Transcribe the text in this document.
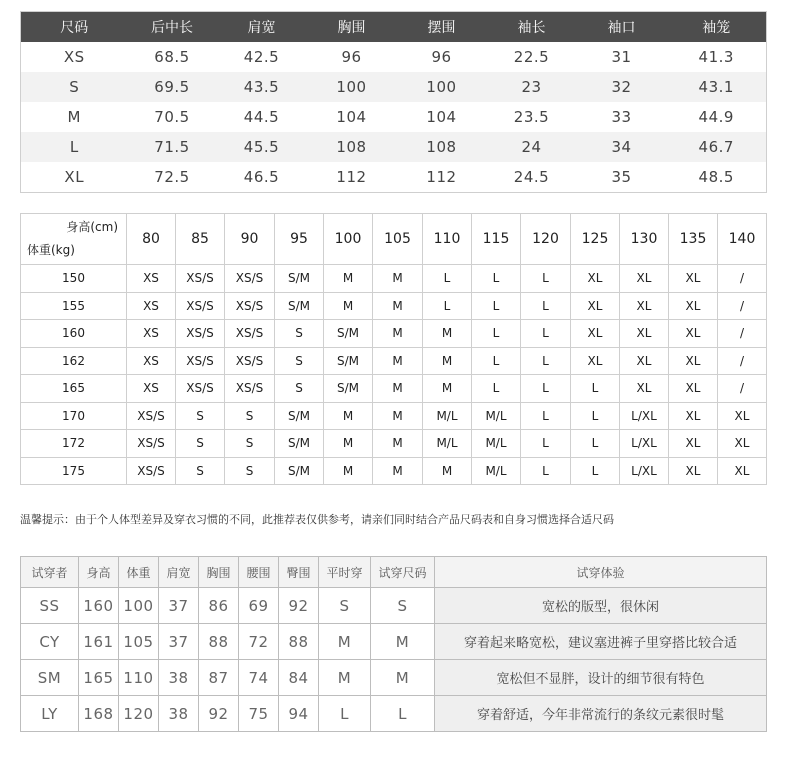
尺码	后中长	肩宽	胸围	摆围	袖长	袖口	袖笼
XS	68.5	42.5	96	96	22.5	31	41.3
S	69.5	43.5	100	100	23	32	43.1
M	70.5	44.5	104	104	23.5	33	44.9
L	71.5	45.5	108	108	24	34	46.7
XL	72.5	46.5	112	112	24.5	35	48.5
身高(cm)
体重(kg)	80	85	90	95	100	105	110	115	120	125	130	135	140
150	XS	XS/S	XS/S	S/M	M	M	L	L	L	XL	XL	XL	/
155	XS	XS/S	XS/S	S/M	M	M	L	L	L	XL	XL	XL	/
160	XS	XS/S	XS/S	S	S/M	M	M	L	L	XL	XL	XL	/
162	XS	XS/S	XS/S	S	S/M	M	M	L	L	XL	XL	XL	/
165	XS	XS/S	XS/S	S	S/M	M	M	L	L	L	XL	XL	/
170	XS/S	S	S	S/M	M	M	M/L	M/L	L	L	L/XL	XL	XL
172	XS/S	S	S	S/M	M	M	M/L	M/L	L	L	L/XL	XL	XL
175	XS/S	S	S	S/M	M	M	M	M/L	L	L	L/XL	XL	XL
温馨提示：由于个人体型差异及穿衣习惯的不同，此推荐表仅供参考，请亲们同时结合产品尺码表和自身习惯选择合适尺码
试穿者	身高	体重	肩宽	胸围	腰围	臀围	平时穿	试穿尺码	试穿体验
SS	160	100	37	86	69	92	S	S	宽松的版型，很休闲
CY	161	105	37	88	72	88	M	M	穿着起来略宽松，建议塞进裤子里穿搭比较合适
SM	165	110	38	87	74	84	M	M	宽松但不显胖，设计的细节很有特色
LY	168	120	38	92	75	94	L	L	穿着舒适，今年非常流行的条纹元素很时髦
